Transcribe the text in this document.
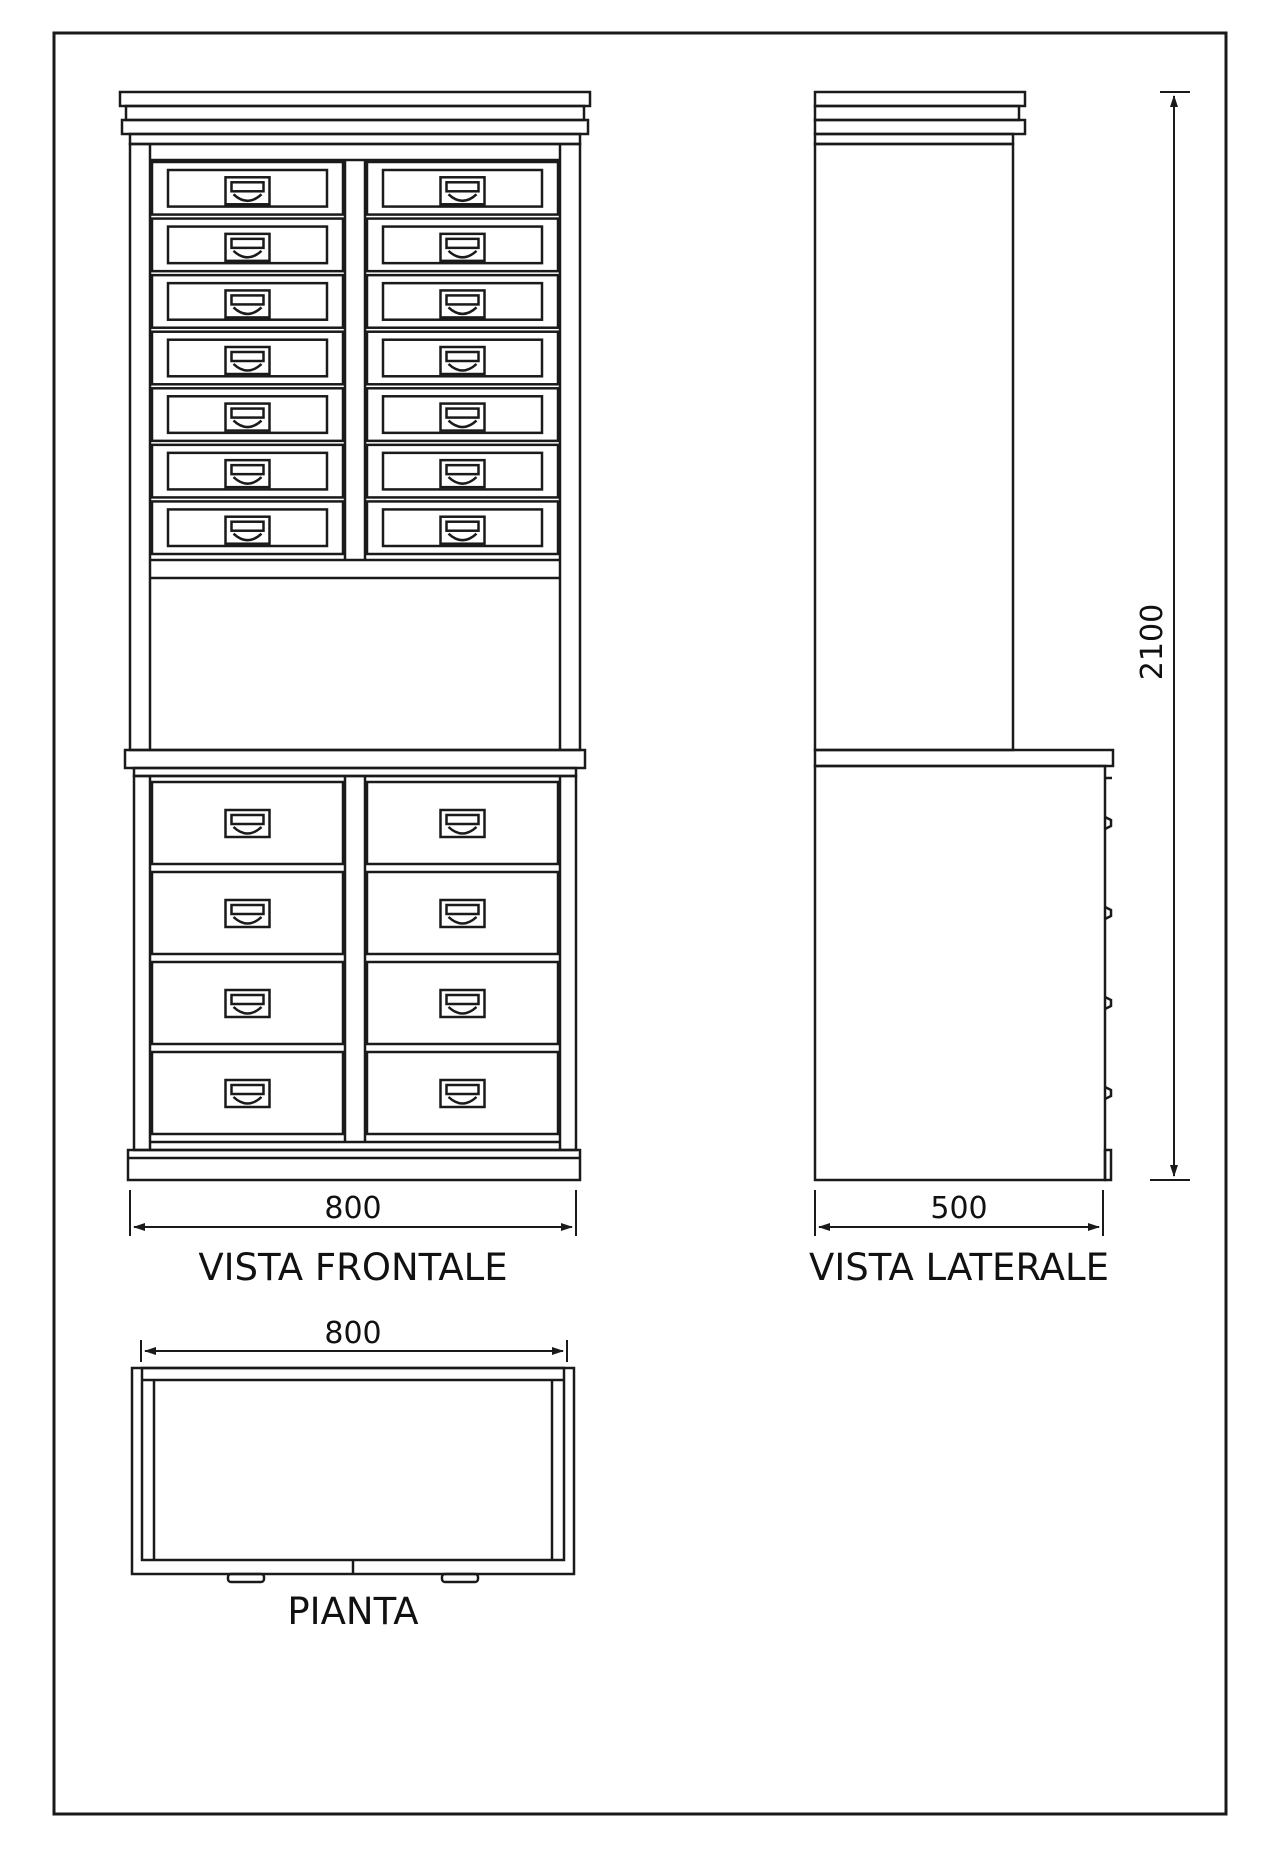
800
VISTA FRONTALE
2100
500
VISTA LATERALE
800
PIANTA
